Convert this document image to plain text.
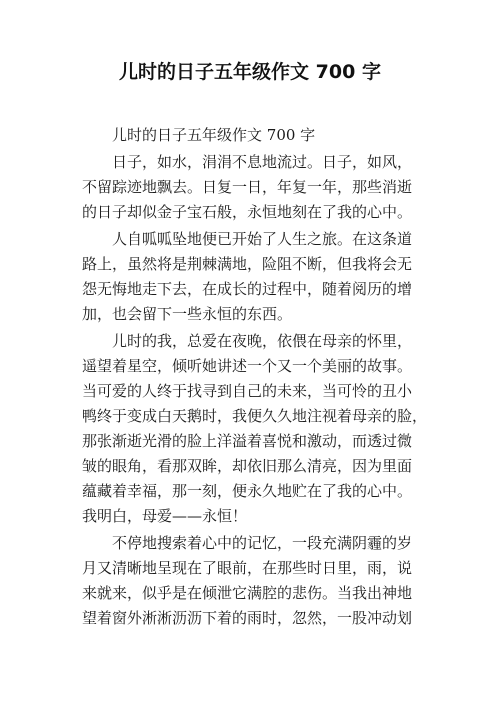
儿时的日子五年级作文 700 字
儿时的日子五年级作文 700 字
日子，如水，涓涓不息地流过。日子，如风，
不留踪迹地飘去。日复一日，年复一年，那些消逝
的日子却似金子宝石般，永恒地刻在了我的心中。
人自呱呱坠地便已开始了人生之旅。在这条道
路上，虽然将是荆棘满地，险阻不断，但我将会无
怨无悔地走下去，在成长的过程中，随着阅历的增
加，也会留下一些永恒的东西。
儿时的我，总爱在夜晚，依偎在母亲的怀里，
遥望着星空，倾听她讲述一个又一个美丽的故事。
当可爱的人终于找寻到自己的未来，当可怜的丑小
鸭终于变成白天鹅时，我便久久地注视着母亲的脸，
那张渐逝光滑的脸上洋溢着喜悦和激动，而透过微
皱的眼角，看那双眸，却依旧那么清亮，因为里面
蕴藏着幸福，那一刻，便永久地贮在了我的心中。
我明白，母爱——永恒！
不停地搜索着心中的记忆，一段充满阴霾的岁
月又清晰地呈现在了眼前，在那些时日里，雨，说
来就来，似乎是在倾泄它满腔的悲伤。当我出神地
望着窗外淅淅沥沥下着的雨时，忽然，一股冲动划
